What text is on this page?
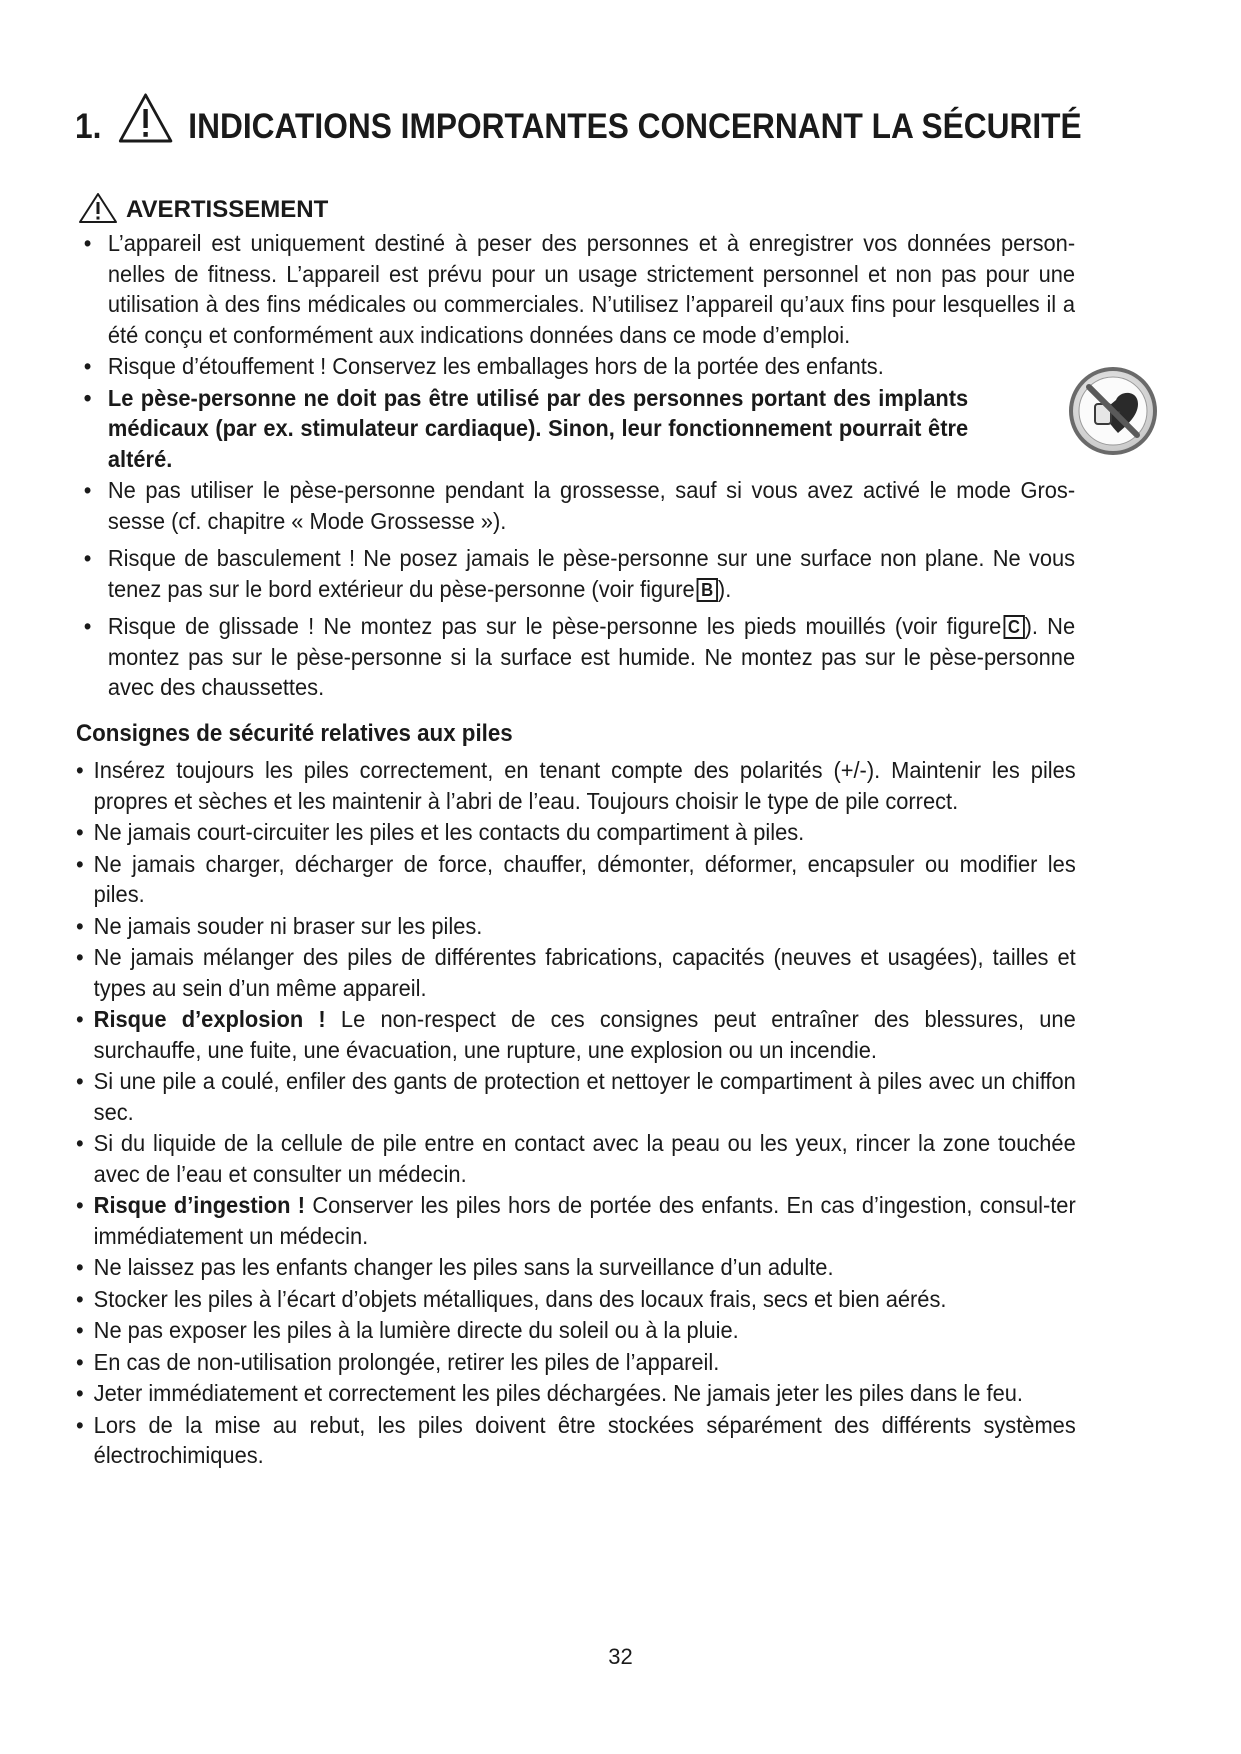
1. INDICATIONS IMPORTANTES CONCERNANT LA SÉCURITÉ
AVERTISSEMENT
• L’appareil est uniquement destiné à peser des personnes et à enregistrer vos données person-nelles de fitness. L’appareil est prévu pour un usage strictement personnel et non pas pour une utilisation à des fins médicales ou commerciales. N’utilisez l’appareil qu’aux fins pour lesquelles il a été conçu et conformément aux indications données dans ce mode d’emploi.
• Risque d’étouffement ! Conservez les emballages hors de la portée des enfants.
• Le pèse-personne ne doit pas être utilisé par des personnes portant des implants médicaux (par ex. stimulateur cardiaque). Sinon, leur fonctionnement pourrait être altéré.
• Ne pas utiliser le pèse-personne pendant la grossesse, sauf si vous avez activé le mode Gros-sesse (cf. chapitre « Mode Grossesse »).
• Risque de basculement ! Ne posez jamais le pèse-personne sur une surface non plane. Ne vous tenez pas sur le bord extérieur du pèse-personne (voir figure B ).
• Risque de glissade ! Ne montez pas sur le pèse-personne les pieds mouillés (voir figure C ). Ne montez pas sur le pèse-personne si la surface est humide. Ne montez pas sur le pèse-personne avec des chaussettes.
Consignes de sécurité relatives aux piles
• Insérez toujours les piles correctement, en tenant compte des polarités (+/-). Maintenir les piles propres et sèches et les maintenir à l’abri de l’eau. Toujours choisir le type de pile correct.
• Ne jamais court-circuiter les piles et les contacts du compartiment à piles.
• Ne jamais charger, décharger de force, chauffer, démonter, déformer, encapsuler ou modifier les piles.
• Ne jamais souder ni braser sur les piles.
• Ne jamais mélanger des piles de différentes fabrications, capacités (neuves et usagées), tailles et types au sein d’un même appareil.
• Risque d’explosion ! Le non-respect de ces consignes peut entraîner des blessures, une surchauffe, une fuite, une évacuation, une rupture, une explosion ou un incendie.
• Si une pile a coulé, enfiler des gants de protection et nettoyer le compartiment à piles avec un chiffon sec.
• Si du liquide de la cellule de pile entre en contact avec la peau ou les yeux, rincer la zone touchée avec de l’eau et consulter un médecin.
• Risque d’ingestion ! Conserver les piles hors de portée des enfants. En cas d’ingestion, consul-ter immédiatement un médecin.
• Ne laissez pas les enfants changer les piles sans la surveillance d’un adulte.
• Stocker les piles à l’écart d’objets métalliques, dans des locaux frais, secs et bien aérés.
• Ne pas exposer les piles à la lumière directe du soleil ou à la pluie.
• En cas de non-utilisation prolongée, retirer les piles de l’appareil.
• Jeter immédiatement et correctement les piles déchargées. Ne jamais jeter les piles dans le feu.
• Lors de la mise au rebut, les piles doivent être stockées séparément des différents systèmes électrochimiques.
32
